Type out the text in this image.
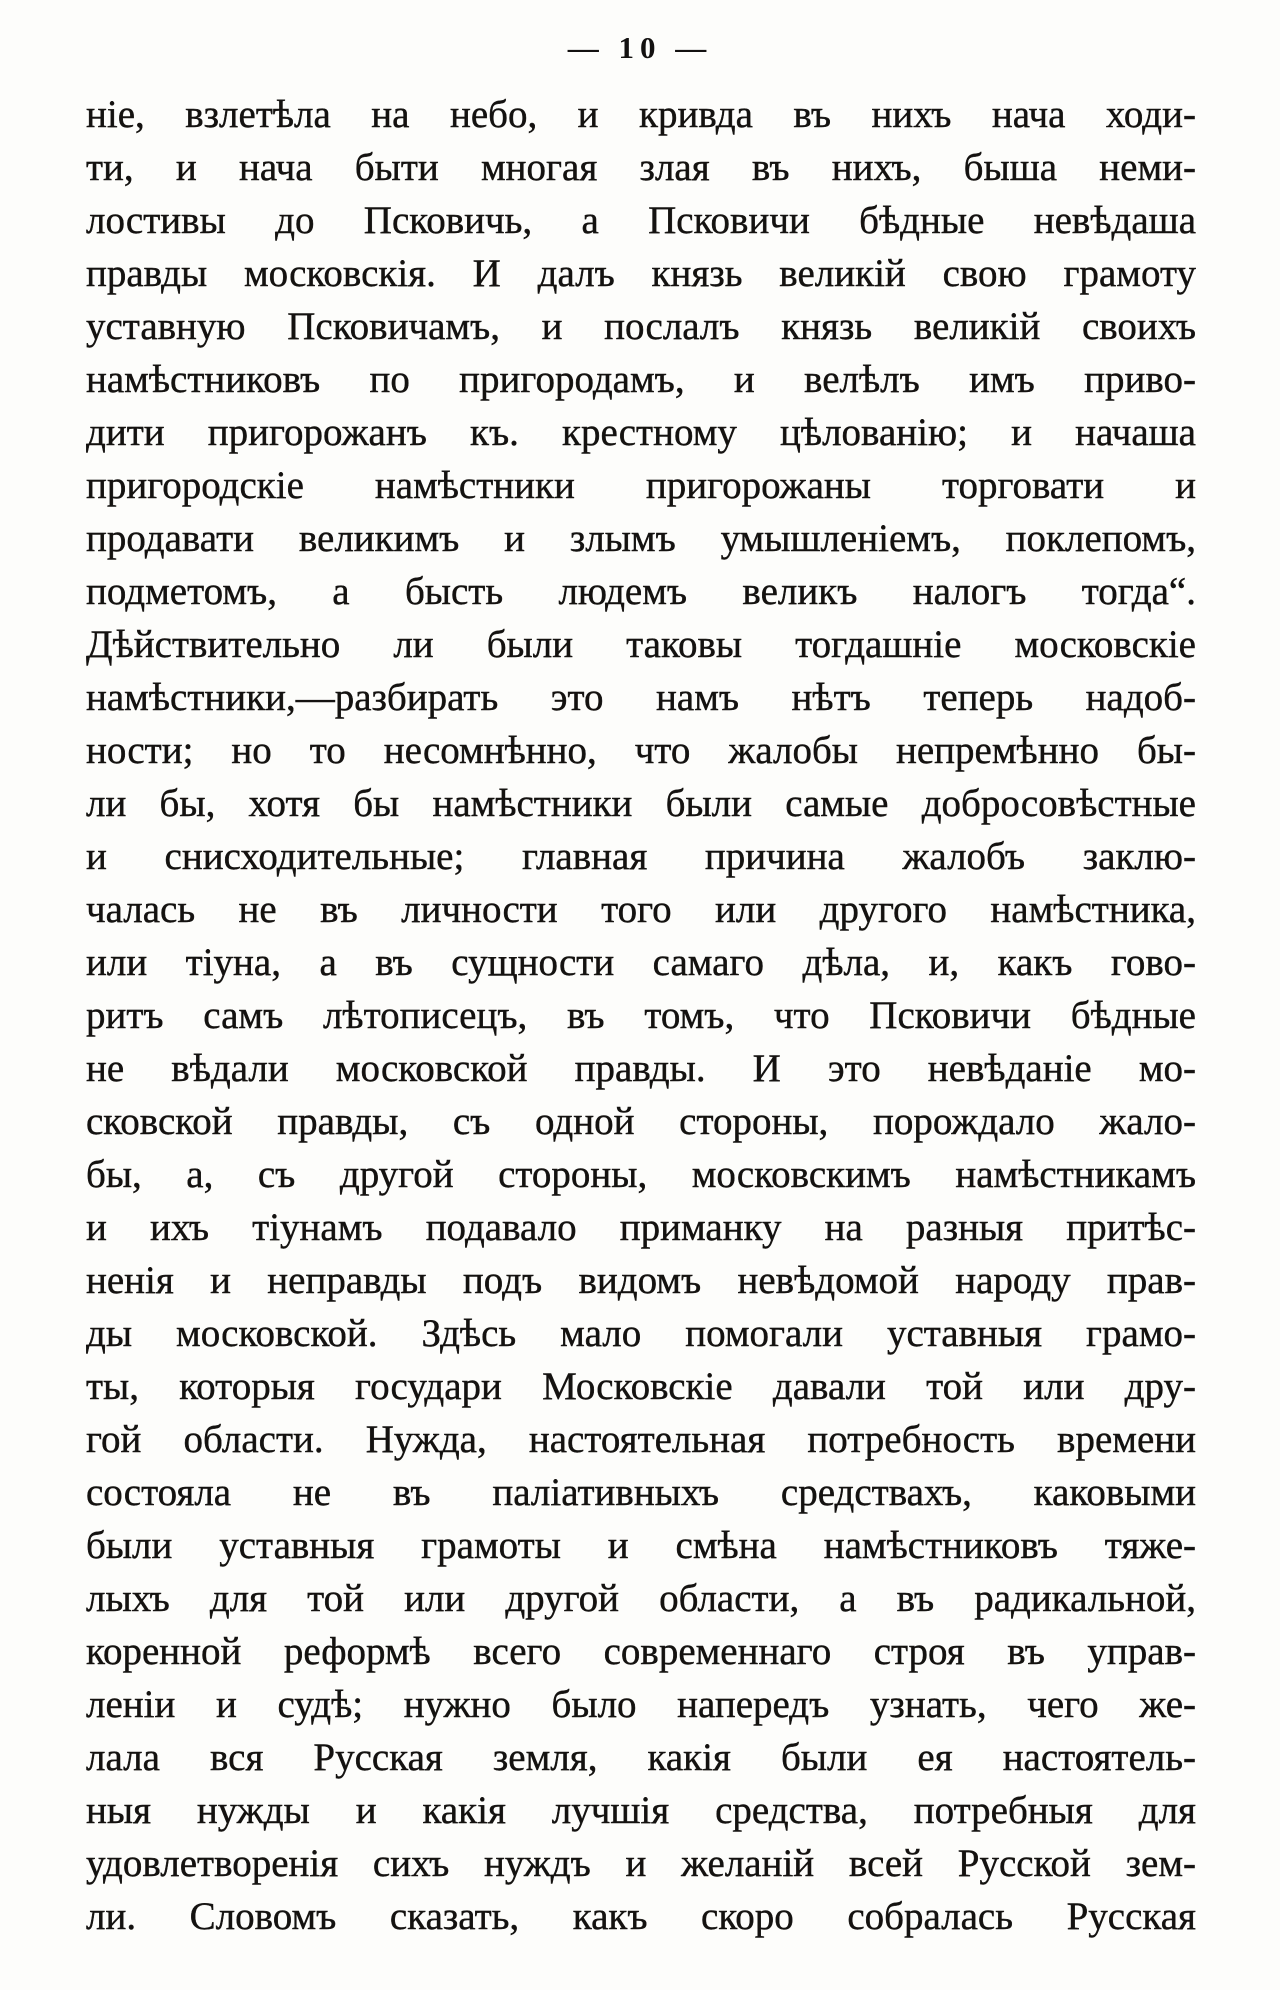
— 10 —
ніе, взлетѣла на небо, и кривда въ нихъ нача ходи-
ти, и нача быти многая злая въ нихъ, быша неми-
лостивы до Псковичь, а Псковичи бѣдные невѣдаша
правды московскія. И далъ князь великій свою грамоту
уставную Псковичамъ, и послалъ князь великій своихъ
намѣстниковъ по пригородамъ, и велѣлъ имъ приво-
дити пригорожанъ къ. крестному цѣлованію; и начаша
пригородскіе намѣстники пригорожаны торговати и
продавати великимъ и злымъ умышленіемъ, поклепомъ,
подметомъ, а бысть людемъ великъ налогъ тогда“.
Дѣйствительно ли были таковы тогдашніе московскіе
намѣстники,—разбирать это намъ нѣтъ теперь надоб-
ности; но то несомнѣнно, что жалобы непремѣнно бы-
ли бы, хотя бы намѣстники были самые добросовѣстные
и снисходительные; главная причина жалобъ заклю-
чалась не въ личности того или другого намѣстника,
или тіуна, а въ сущности самаго дѣла, и, какъ гово-
ритъ самъ лѣтописецъ, въ томъ, что Псковичи бѣдные
не вѣдали московской правды. И это невѣданіе мо-
сковской правды, съ одной стороны, порождало жало-
бы, а, съ другой стороны, московскимъ намѣстникамъ
и ихъ тіунамъ подавало приманку на разныя притѣс-
ненія и неправды подъ видомъ невѣдомой народу прав-
ды московской. Здѣсь мало помогали уставныя грамо-
ты, которыя государи Московскіе давали той или дру-
гой области. Нужда, настоятельная потребность времени
состояла не въ паліативныхъ средствахъ, каковыми
были уставныя грамоты и смѣна намѣстниковъ тяже-
лыхъ для той или другой области, а въ радикальной,
коренной реформѣ всего современнаго строя въ управ-
леніи и судѣ; нужно было напередъ узнать, чего же-
лала вся Русская земля, какія были ея настоятель-
ныя нужды и какія лучшія средства, потребныя для
удовлетворенія сихъ нуждъ и желаній всей Русской зем-
ли. Словомъ сказать, какъ скоро собралась Русская
